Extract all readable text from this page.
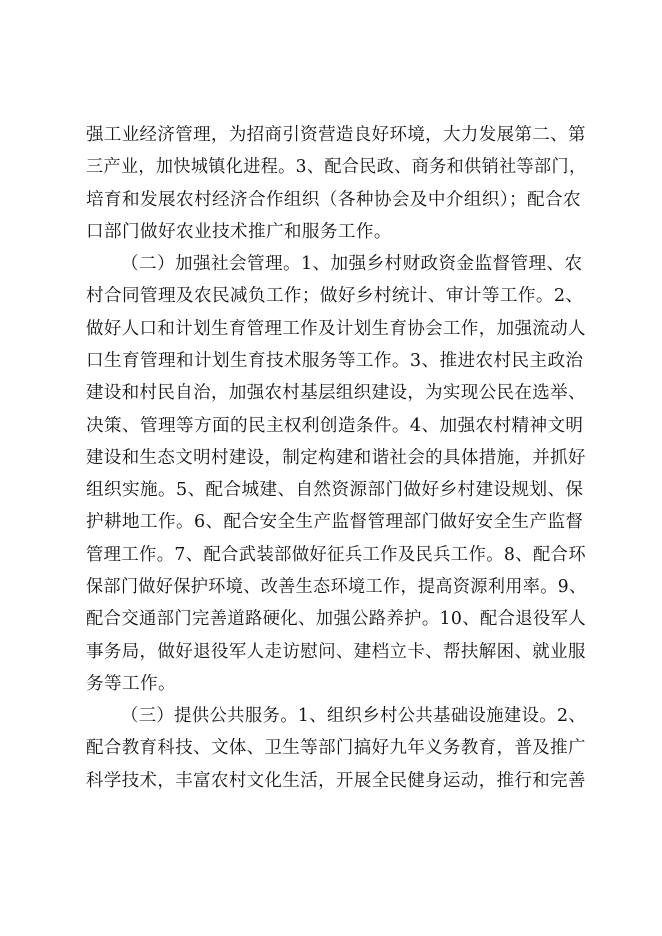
强工业经济管理，为招商引资营造良好环境，大力发展第二、第
三产业，加快城镇化进程。3、配合民政、商务和供销社等部门，
培育和发展农村经济合作组织（各种协会及中介组织）；配合农
口部门做好农业技术推广和服务工作。
（二）加强社会管理。1、加强乡村财政资金监督管理、农
村合同管理及农民减负工作；做好乡村统计、审计等工作。2、
做好人口和计划生育管理工作及计划生育协会工作，加强流动人
口生育管理和计划生育技术服务等工作。3、推进农村民主政治
建设和村民自治，加强农村基层组织建设，为实现公民在选举、
决策、管理等方面的民主权利创造条件。4、加强农村精神文明
建设和生态文明村建设，制定构建和谐社会的具体措施，并抓好
组织实施。5、配合城建、自然资源部门做好乡村建设规划、保
护耕地工作。6、配合安全生产监督管理部门做好安全生产监督
管理工作。7、配合武装部做好征兵工作及民兵工作。8、配合环
保部门做好保护环境、改善生态环境工作，提高资源利用率。9、
配合交通部门完善道路硬化、加强公路养护。10、配合退役军人
事务局，做好退役军人走访慰问、建档立卡、帮扶解困、就业服
务等工作。
（三）提供公共服务。1、组织乡村公共基础设施建设。2、
配合教育科技、文体、卫生等部门搞好九年义务教育，普及推广
科学技术，丰富农村文化生活，开展全民健身运动，推行和完善
